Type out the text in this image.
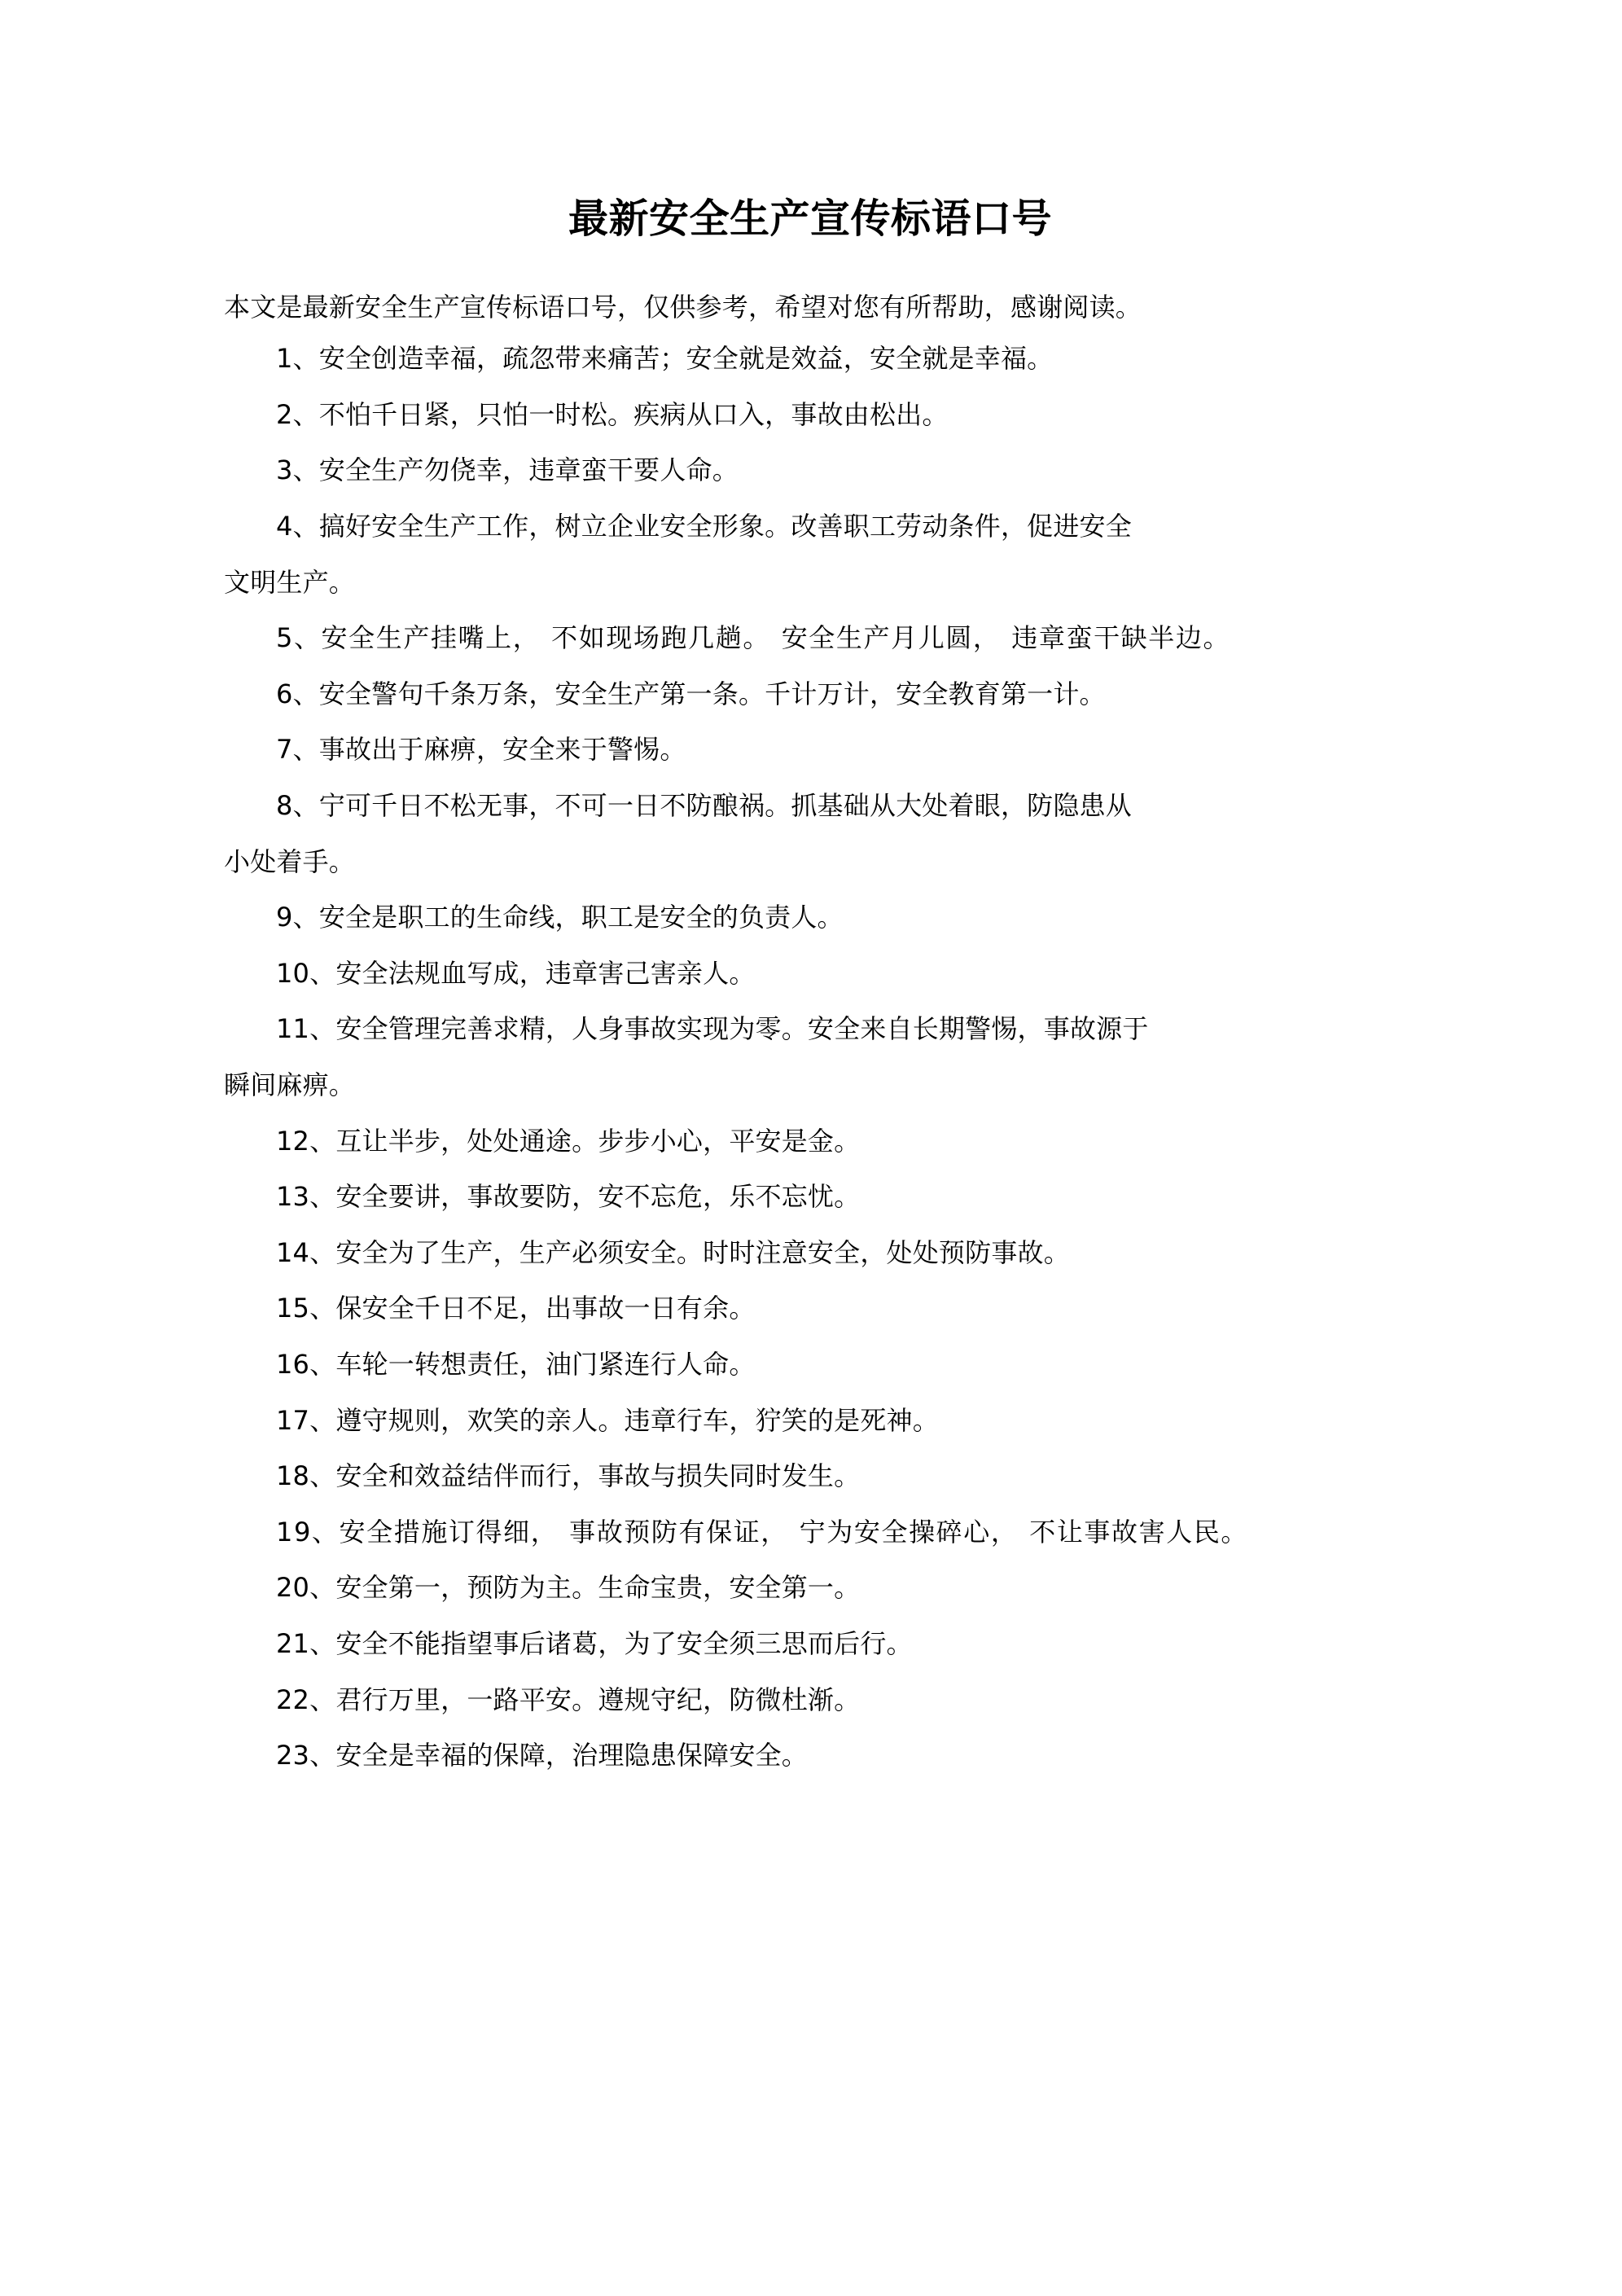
最新安全生产宣传标语口号

本文是最新安全生产宣传标语口号，仅供参考，希望对您有所帮助，感谢阅读。

1、安全创造幸福，疏忽带来痛苦；安全就是效益，安全就是幸福。

2、不怕千日紧，只怕一时松。疾病从口入，事故由松出。

3、安全生产勿侥幸，违章蛮干要人命。

4、搞好安全生产工作，树立企业安全形象。改善职工劳动条件，促进安全

文明生产。

5、安全生产挂嘴上， 不如现场跑几趟。 安全生产月儿圆， 违章蛮干缺半边。

6、安全警句千条万条，安全生产第一条。千计万计，安全教育第一计。

7、事故出于麻痹，安全来于警惕。

8、宁可千日不松无事，不可一日不防酿祸。抓基础从大处着眼，防隐患从

小处着手。

9、安全是职工的生命线，职工是安全的负责人。

10、安全法规血写成，违章害己害亲人。

11、安全管理完善求精，人身事故实现为零。安全来自长期警惕，事故源于

瞬间麻痹。

12、互让半步，处处通途。步步小心，平安是金。

13、安全要讲，事故要防，安不忘危，乐不忘忧。

14、安全为了生产，生产必须安全。时时注意安全，处处预防事故。

15、保安全千日不足，出事故一日有余。

16、车轮一转想责任，油门紧连行人命。

17、遵守规则，欢笑的亲人。违章行车，狞笑的是死神。

18、安全和效益结伴而行，事故与损失同时发生。

19、安全措施订得细， 事故预防有保证， 宁为安全操碎心， 不让事故害人民。

20、安全第一，预防为主。生命宝贵，安全第一。

21、安全不能指望事后诸葛，为了安全须三思而后行。

22、君行万里，一路平安。遵规守纪，防微杜渐。

23、安全是幸福的保障，治理隐患保障安全。
